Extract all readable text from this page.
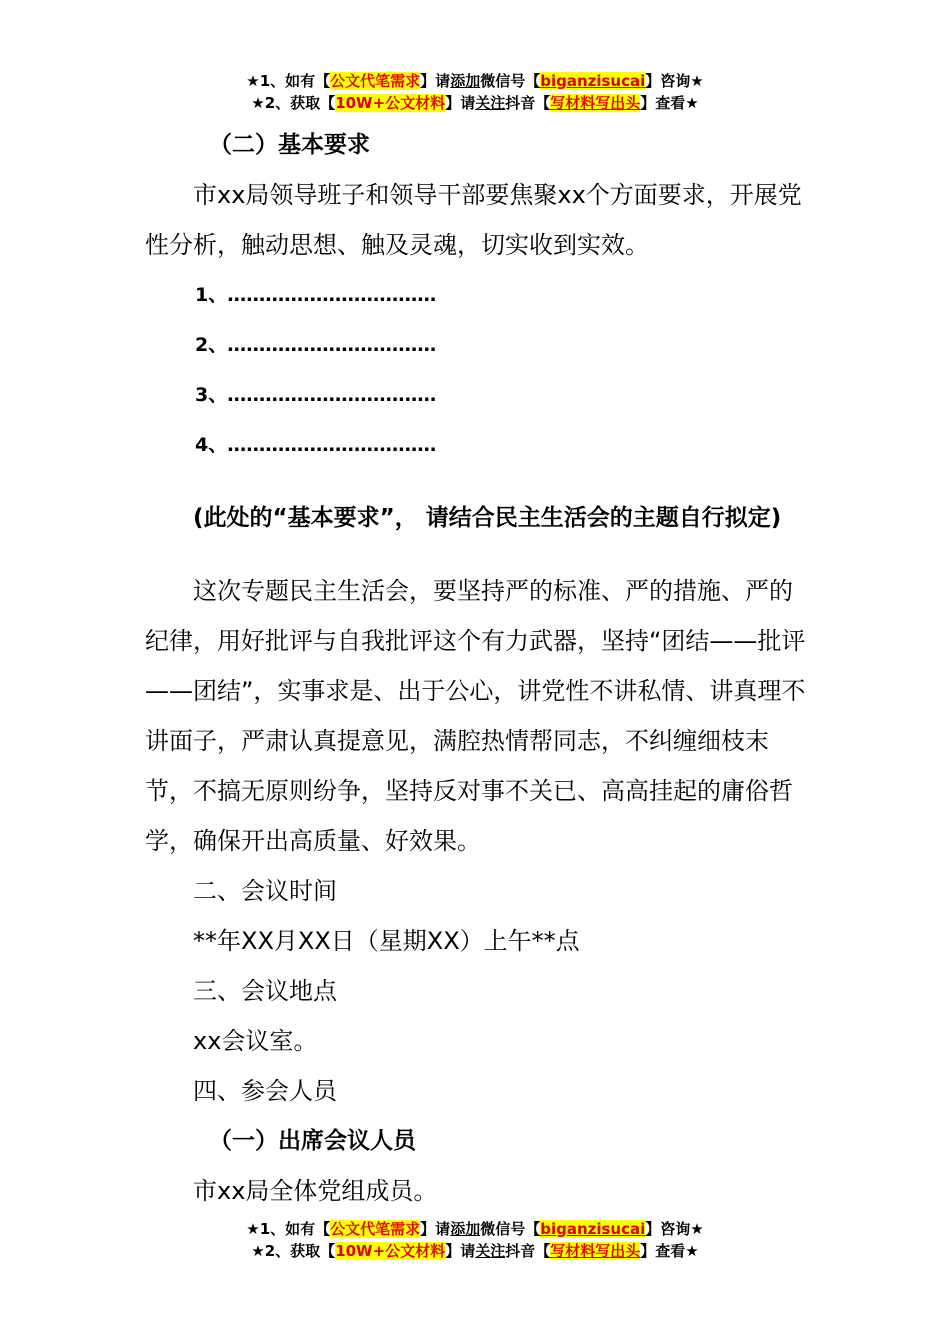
★1、如有【公文代笔需求】请添加微信号【biganzisucai】咨询★
★2、获取【10W+公文材料】请关注抖音【写材料写出头】查看★
（二）基本要求

市xx局领导班子和领导干部要焦聚xx个方面要求，开展党性分析，触动思想、触及灵魂，切实收到实效。

1、……………………………
2、……………………………
3、……………………………
4、……………………………

(此处的“基本要求”， 请结合民主生活会的主题自行拟定)

这次专题民主生活会，要坚持严的标准、严的措施、严的纪律，用好批评与自我批评这个有力武器，坚持“团结——批评——团结”，实事求是、出于公心，讲党性不讲私情、讲真理不讲面子，严肃认真提意见，满腔热情帮同志，不纠缠细枝末节，不搞无原则纷争，坚持反对事不关已、高高挂起的庸俗哲学，确保开出高质量、好效果。

二、会议时间

**年XX月XX日（星期XX）上午**点

三、会议地点

xx会议室。

四、参会人员

（一）出席会议人员

市xx局全体党组成员。

★1、如有【公文代笔需求】请添加微信号【biganzisucai】咨询★
★2、获取【10W+公文材料】请关注抖音【写材料写出头】查看★
